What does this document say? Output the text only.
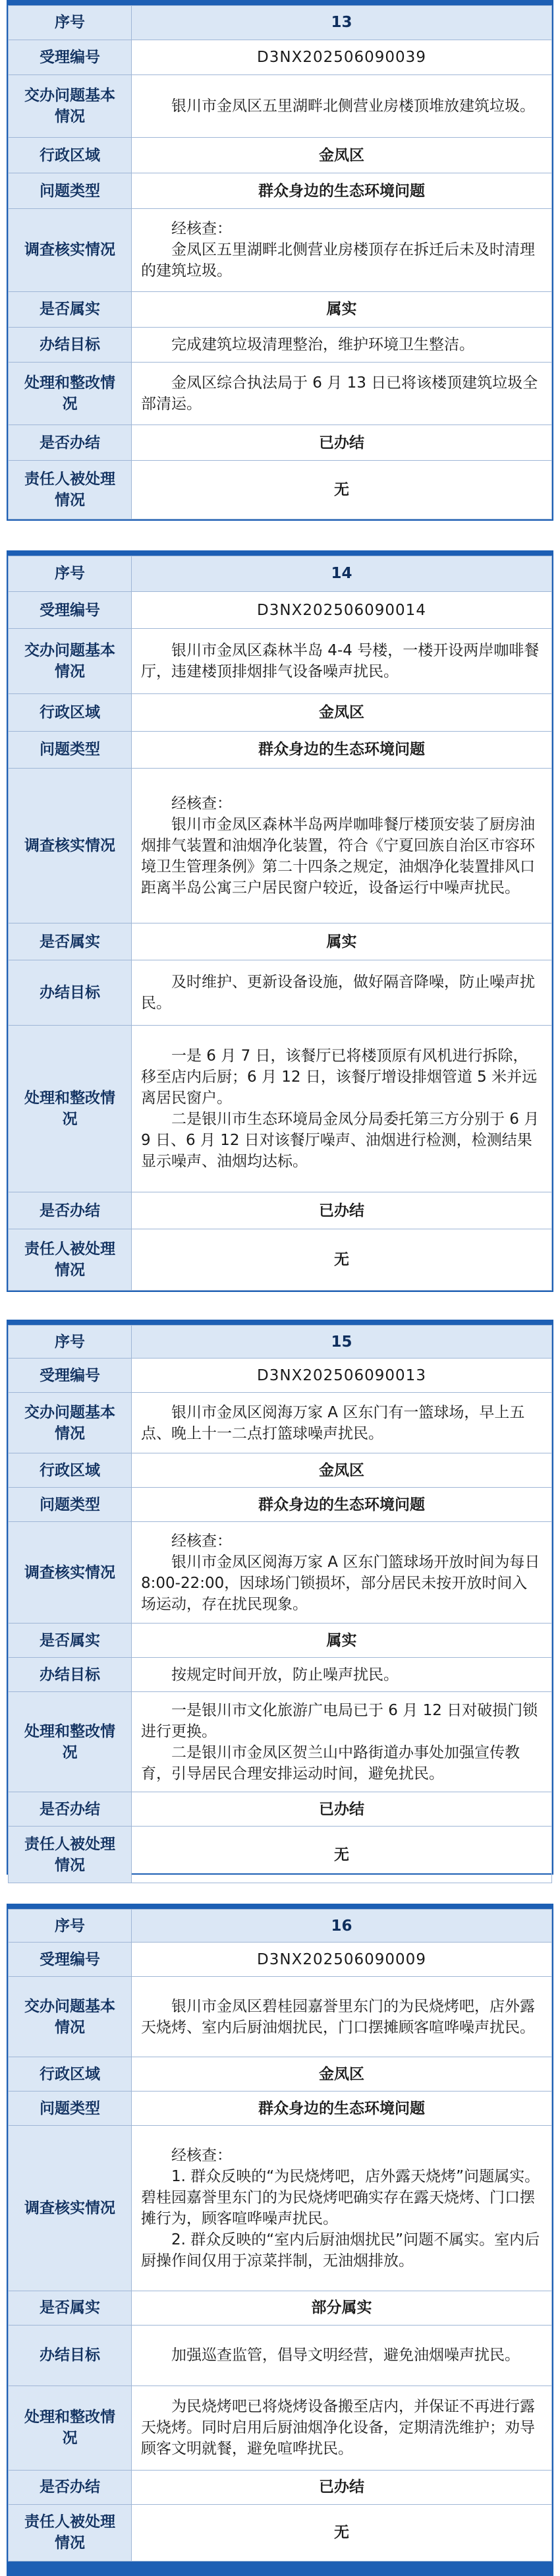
序号	13
受理编号	D3NX202506090039
交办问题基本情况	银川市金凤区五里湖畔北侧营业房楼顶堆放建筑垃圾。

行政区域	金凤区
问题类型	群众身边的生态环境问题
调查核实情况	经核查：

金凤区五里湖畔北侧营业房楼顶存在拆迁后未及时清理的建筑垃圾。

是否属实	属实
办结目标	完成建筑垃圾清理整治，维护环境卫生整洁。

处理和整改情况	金凤区综合执法局于 6 月 13 日已将该楼顶建筑垃圾全部清运。

是否办结	已办结
责任人被处理情况	无
序号	14
受理编号	D3NX202506090014
交办问题基本情况	银川市金凤区森林半岛 4-4 号楼，一楼开设两岸咖啡餐厅，违建楼顶排烟排气设备噪声扰民。

行政区域	金凤区
问题类型	群众身边的生态环境问题
调查核实情况	经核查：

银川市金凤区森林半岛两岸咖啡餐厅楼顶安装了厨房油烟排气装置和油烟净化装置，符合《宁夏回族自治区市容环境卫生管理条例》第二十四条之规定，油烟净化装置排风口距离半岛公寓三户居民窗户较近，设备运行中噪声扰民。

是否属实	属实
办结目标	及时维护、更新设备设施，做好隔音降噪，防止噪声扰民。

处理和整改情况	一是 6 月 7 日，该餐厅已将楼顶原有风机进行拆除，移至店内后厨；6 月 12 日，该餐厅增设排烟管道 5 米并远离居民窗户。

二是银川市生态环境局金凤分局委托第三方分别于 6 月 9 日、6 月 12 日对该餐厅噪声、油烟进行检测，检测结果显示噪声、油烟均达标。

是否办结	已办结
责任人被处理情况	无
序号	15
受理编号	D3NX202506090013
交办问题基本情况	银川市金凤区阅海万家 A 区东门有一篮球场，早上五点、晚上十一二点打篮球噪声扰民。

行政区域	金凤区
问题类型	群众身边的生态环境问题
调查核实情况	经核查：

银川市金凤区阅海万家 A 区东门篮球场开放时间为每日 8:00-22:00，因球场门锁损坏，部分居民未按开放时间入场运动，存在扰民现象。

是否属实	属实
办结目标	按规定时间开放，防止噪声扰民。

处理和整改情况	一是银川市文化旅游广电局已于 6 月 12 日对破损门锁进行更换。

二是银川市金凤区贺兰山中路街道办事处加强宣传教育，引导居民合理安排运动时间，避免扰民。

是否办结	已办结
责任人被处理情况	无
序号	16
受理编号	D3NX202506090009
交办问题基本情况	银川市金凤区碧桂园嘉誉里东门的为民烧烤吧，店外露天烧烤、室内后厨油烟扰民，门口摆摊顾客喧哗噪声扰民。

行政区域	金凤区
问题类型	群众身边的生态环境问题
调查核实情况	经核查：

1. 群众反映的“为民烧烤吧，店外露天烧烤”问题属实。碧桂园嘉誉里东门的为民烧烤吧确实存在露天烧烤、门口摆摊行为，顾客喧哗噪声扰民。

2. 群众反映的“室内后厨油烟扰民”问题不属实。室内后厨操作间仅用于凉菜拌制，无油烟排放。

是否属实	部分属实
办结目标	加强巡查监管，倡导文明经营，避免油烟噪声扰民。

处理和整改情况	为民烧烤吧已将烧烤设备搬至店内，并保证不再进行露天烧烤。同时启用后厨油烟净化设备，定期清洗维护；劝导顾客文明就餐，避免喧哗扰民。

是否办结	已办结
责任人被处理情况	无
